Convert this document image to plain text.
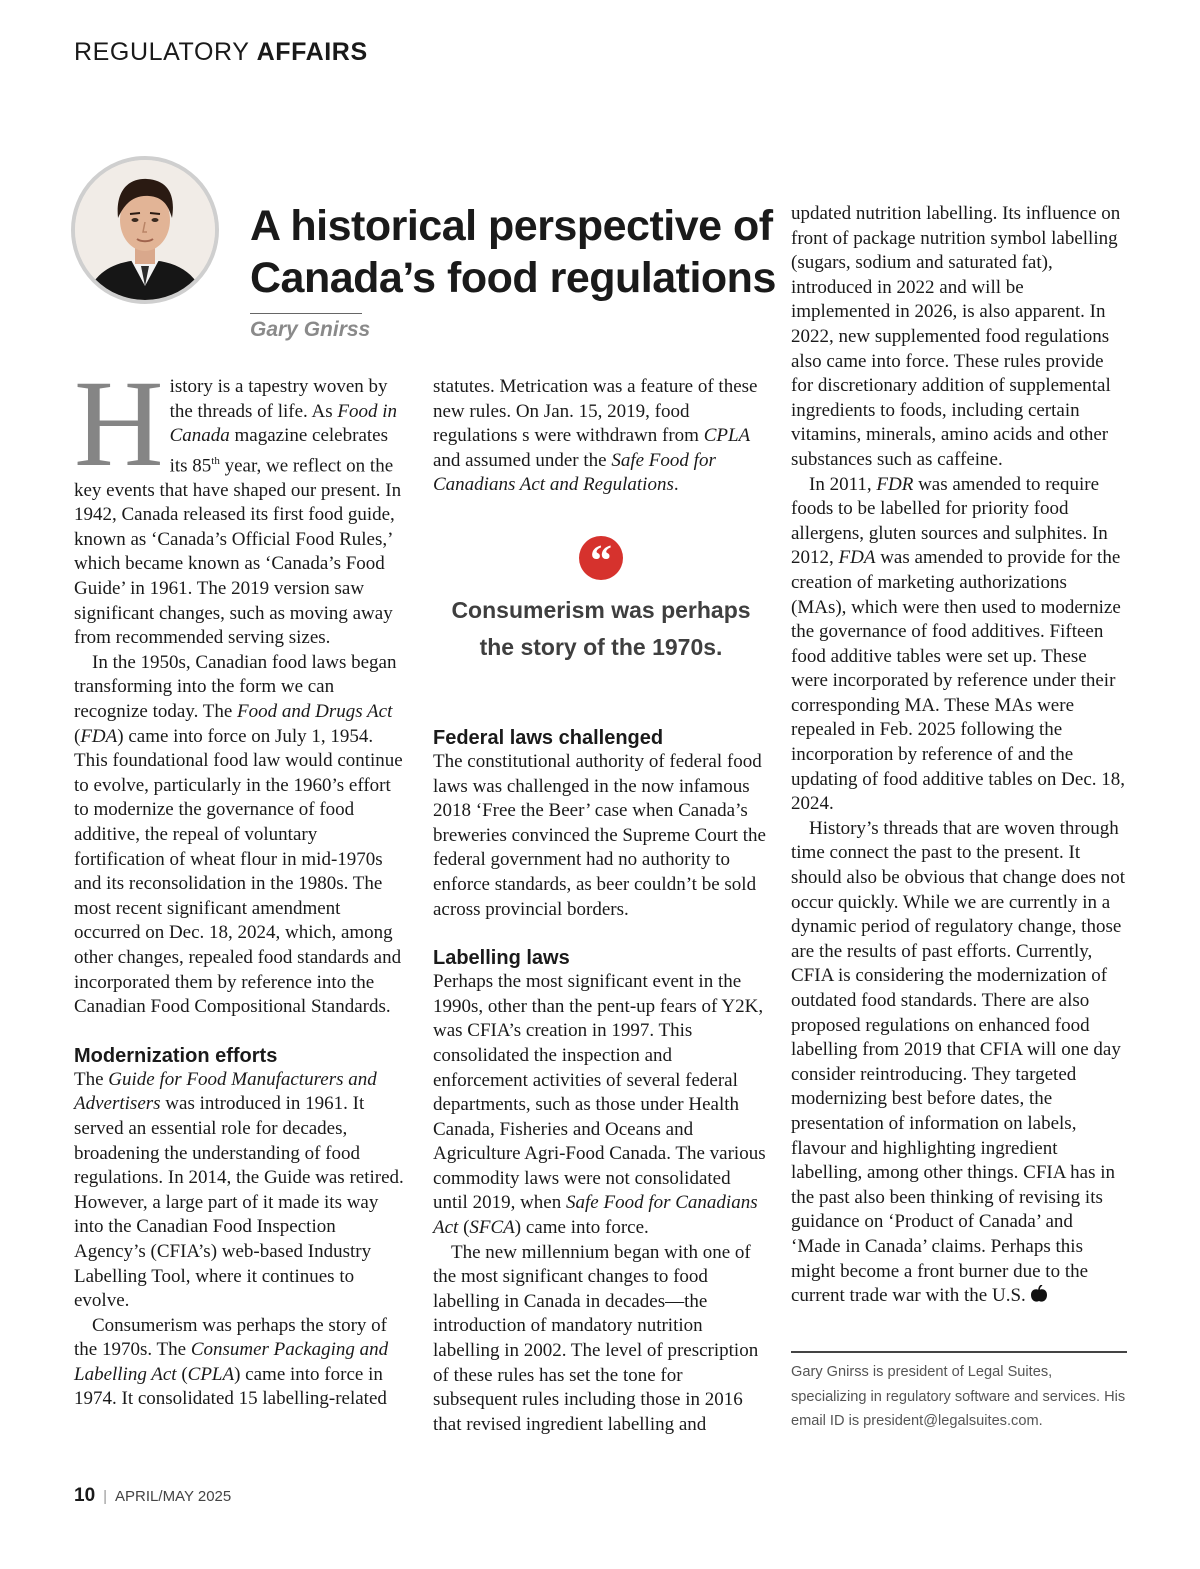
REGULATORY AFFAIRS
A historical perspective of
Canada’s food regulations
Gary Gnirss

History is a tapestry woven by the threads of life. As Food in Canada magazine celebrates its 85th year, we reflect on the key events that have shaped our present. In 1942, Canada released its first food guide, known as ‘Canada’s Official Food Rules,’ which became known as ‘Canada’s Food Guide’ in 1961. The 2019 version saw significant changes, such as moving away from recommended serving sizes.

In the 1950s, Canadian food laws began transforming into the form we can recognize today. The Food and Drugs Act (FDA) came into force on July 1, 1954. This foundational food law would continue to evolve, particularly in the 1960’s effort to modernize the governance of food additive, the repeal of voluntary fortification of wheat flour in mid-1970s and its reconsolidation in the 1980s. The most recent significant amendment occurred on Dec. 18, 2024, which, among other changes, repealed food standards and incorporated them by reference into the Canadian Food Compositional Standards.

Modernization efforts

The Guide for Food Manufacturers and Advertisers was introduced in 1961. It served an essential role for decades, broadening the understanding of food regulations. In 2014, the Guide was retired. However, a large part of it made its way into the Canadian Food Inspection Agency’s (CFIA’s) web-based Industry Labelling Tool, where it continues to evolve.

Consumerism was perhaps the story of the 1970s. The Consumer Packaging and Labelling Act (CPLA) came into force in 1974. It consolidated 15 labelling-related

statutes. Metrication was a feature of these new rules. On Jan. 15, 2019, food regulations s were withdrawn from CPLA and assumed under the Safe Food for Canadians Act and Regulations.

“
Consumerism was perhaps the story of the 1970s.
Federal laws challenged

The constitutional authority of federal food laws was challenged in the now infamous 2018 ‘Free the Beer’ case when Canada’s breweries convinced the Supreme Court the federal government had no authority to enforce standards, as beer couldn’t be sold across provincial borders.

Labelling laws

Perhaps the most significant event in the 1990s, other than the pent-up fears of Y2K, was CFIA’s creation in 1997. This consolidated the inspection and enforcement activities of several federal departments, such as those under Health Canada, Fisheries and Oceans and Agriculture Agri-Food Canada. The various commodity laws were not consolidated until 2019, when Safe Food for Canadians Act (SFCA) came into force.

The new millennium began with one of the most significant changes to food labelling in Canada in decades—the introduction of mandatory nutrition labelling in 2002. The level of prescription of these rules has set the tone for subsequent rules including those in 2016 that revised ingredient labelling and

updated nutrition labelling. Its influence on front of package nutrition symbol labelling (sugars, sodium and saturated fat), introduced in 2022 and will be implemented in 2026, is also apparent. In 2022, new supplemented food regulations also came into force. These rules provide for discretionary addition of supplemental ingredients to foods, including certain vitamins, minerals, amino acids and other substances such as caffeine.

In 2011, FDR was amended to require foods to be labelled for priority food allergens, gluten sources and sulphites. In 2012, FDA was amended to provide for the creation of marketing authorizations (MAs), which were then used to modernize the governance of food additives. Fifteen food additive tables were set up. These were incorporated by reference under their corresponding MA. These MAs were repealed in Feb. 2025 following the incorporation by reference of and the updating of food additive tables on Dec. 18, 2024.

History’s threads that are woven through time connect the past to the present. It should also be obvious that change does not occur quickly. While we are currently in a dynamic period of regulatory change, those are the results of past efforts. Currently, CFIA is considering the modernization of outdated food standards. There are also proposed regulations on enhanced food labelling from 2019 that CFIA will one day consider reintroducing. They targeted modernizing best before dates, the presentation of information on labels, flavour and highlighting ingredient labelling, among other things. CFIA has in the past also been thinking of revising its guidance on ‘Product of Canada’ and ‘Made in Canada’ claims. Perhaps this might become a front burner due to the current trade war with the U.S.

Gary Gnirss is president of Legal Suites, specializing in regulatory software and services. His email ID is president@legalsuites.com.
10 | APRIL/MAY 2025
